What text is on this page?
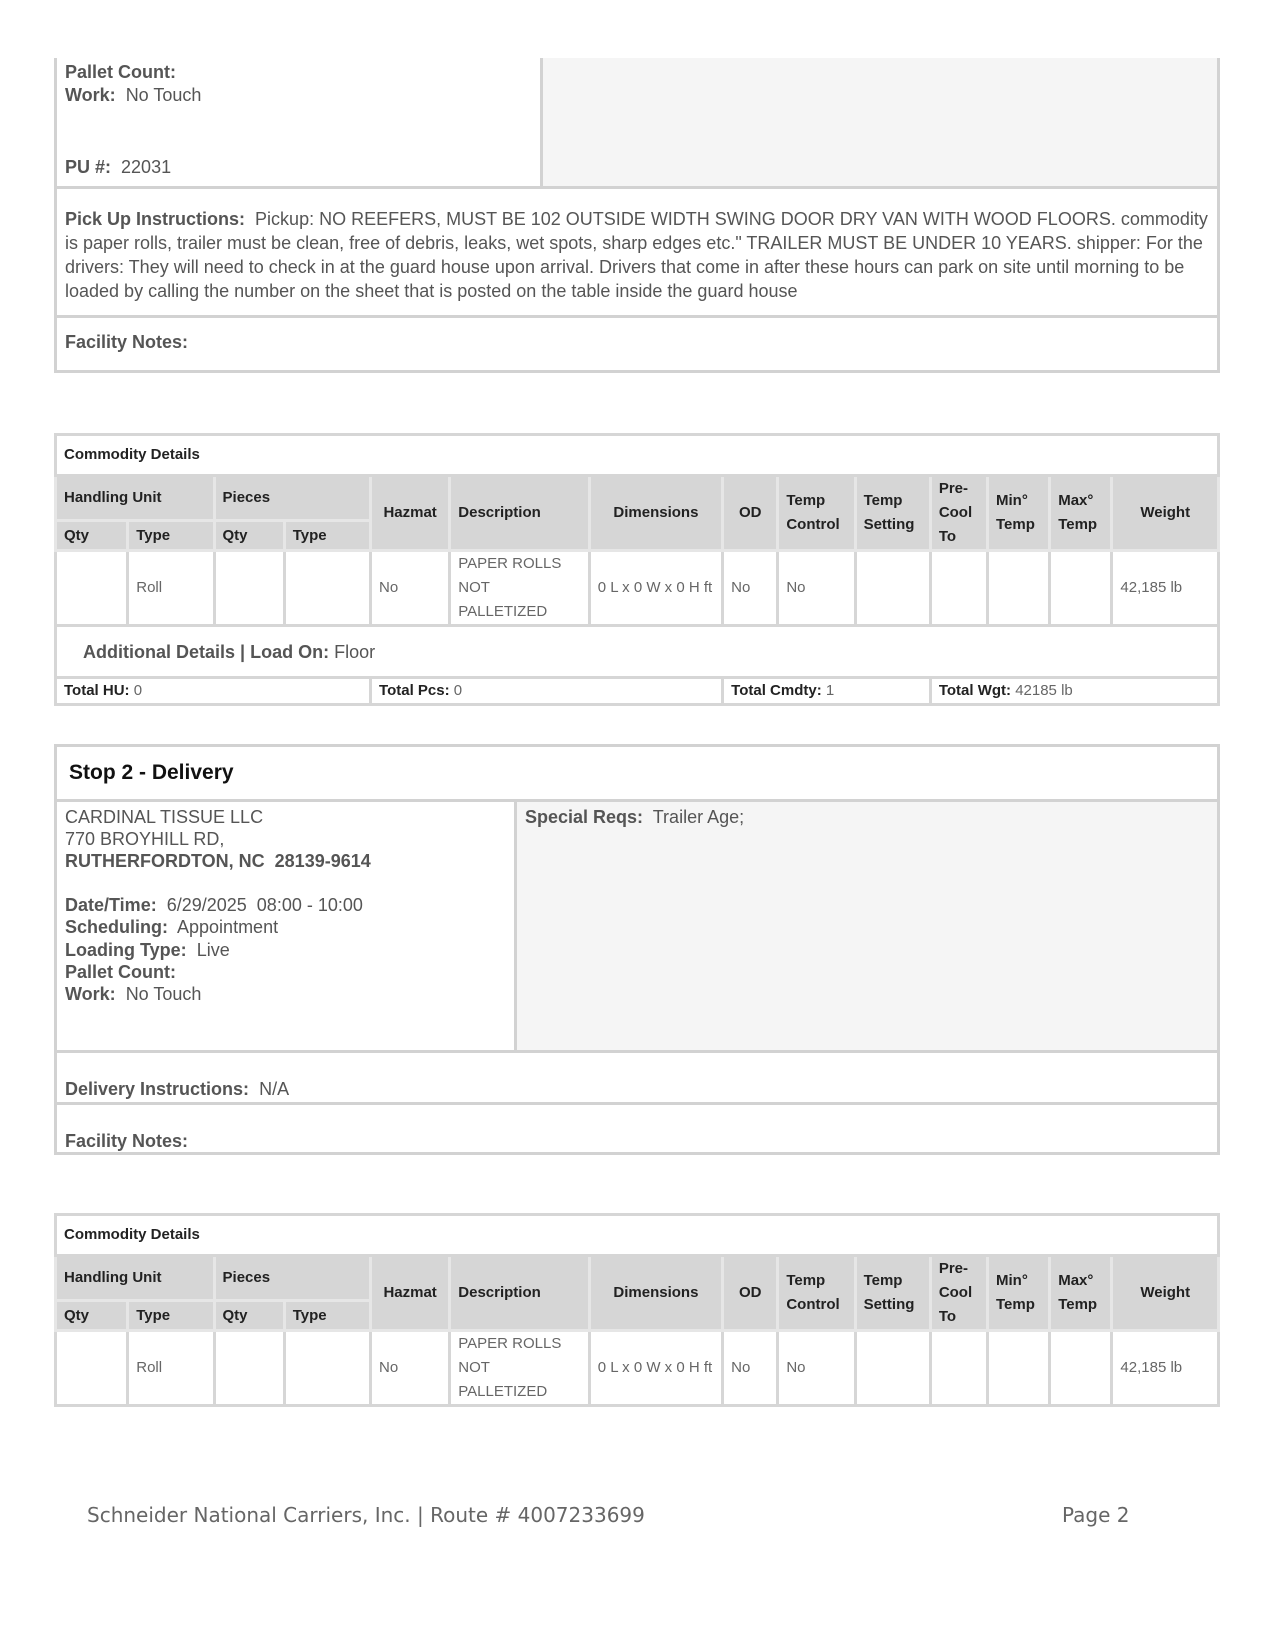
Pallet Count:
Work: No Touch
PU #: 22031
Pick Up Instructions: Pickup: NO REEFERS, MUST BE 102 OUTSIDE WIDTH SWING DOOR DRY VAN WITH WOOD FLOORS. commodity is paper rolls, trailer must be clean, free of debris, leaks, wet spots, sharp edges etc." TRAILER MUST BE UNDER 10 YEARS. shipper: For the drivers: They will need to check in at the guard house upon arrival. Drivers that come in after these hours can park on site until morning to be loaded by calling the number on the sheet that is posted on the table inside the guard house
Facility Notes:
Commodity Details													
Handling Unit		Pieces		Hazmat	Description	Dimensions	OD	Temp Control	Temp Setting	Pre-Cool To	Min° Temp	Max° Temp	Weight
Qty	Type	Qty	Type										
	Roll			No	PAPER ROLLS NOT PALLETIZED	0 L x 0 W x 0 H ft	No	No					42,185 lb
Additional Details | Load On: Floor													
Total HU: 0				Total Pcs: 0			Total Cmdty: 1			Total Wgt: 42185 lb			
Stop 2 - Delivery
CARDINAL TISSUE LLC
770 BROYHILL RD,
RUTHERFORDTON, NC  28139-9614
Date/Time: 6/29/2025  08:00 - 10:00
Scheduling: Appointment
Loading Type: Live
Pallet Count:
Work: No Touch
Special Reqs: Trailer Age;
Delivery Instructions: N/A
Facility Notes:
Commodity Details													
Handling Unit		Pieces		Hazmat	Description	Dimensions	OD	Temp Control	Temp Setting	Pre-Cool To	Min° Temp	Max° Temp	Weight
Qty	Type	Qty	Type										
	Roll			No	PAPER ROLLS NOT PALLETIZED	0 L x 0 W x 0 H ft	No	No					42,185 lb
Schneider National Carriers, Inc. | Route # 4007233699	Page 2
